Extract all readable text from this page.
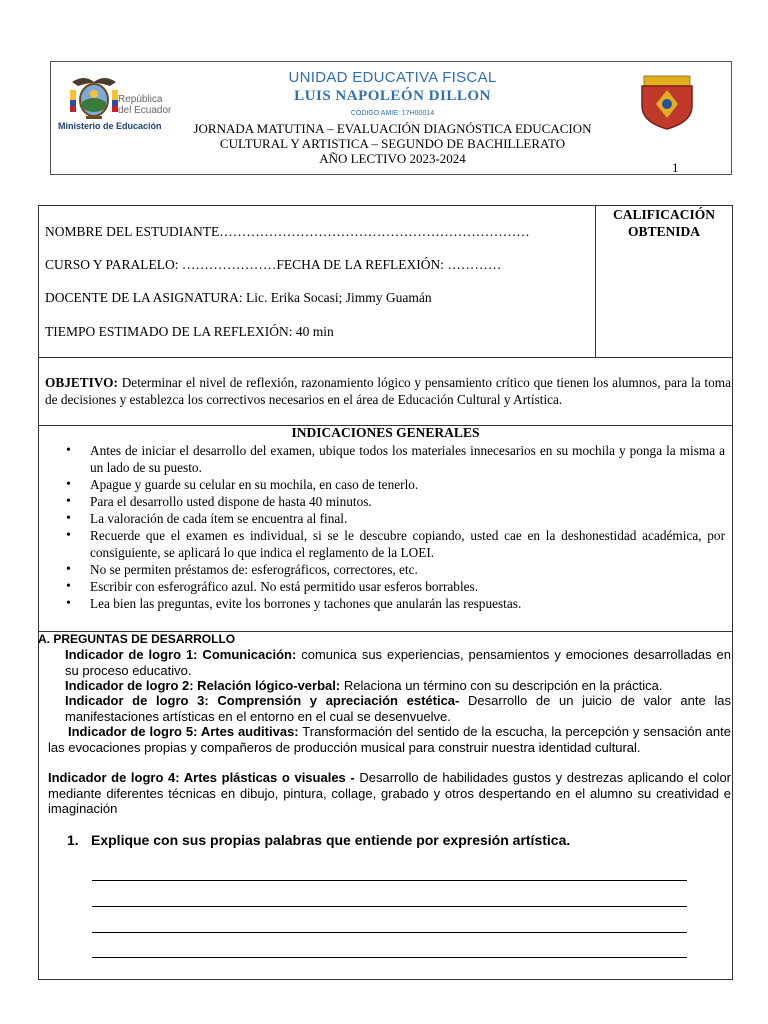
República del Ecuador
Ministerio de Educación
UNIDAD EDUCATIVA FISCAL
LUIS NAPOLEÓN DILLON
CÓDIGO AMIE: 17H00014
JORNADA MATUTINA – EVALUACIÓN DIAGNÓSTICA EDUCACION
CULTURAL Y ARTISTICA – SEGUNDO DE BACHILLERATO
AÑO LECTIVO 2023-2024
1
NOMBRE DEL ESTUDIANTE……………………………………………………………
CURSO Y PARALELO: …………………FECHA DE LA REFLEXIÓN: …………
DOCENTE DE LA ASIGNATURA: Lic. Erika Socasi; Jimmy Guamán
TIEMPO ESTIMADO DE LA REFLEXIÓN: 40 min
CALIFICACIÓN
OBTENIDA
OBJETIVO: Determinar el nivel de reflexión, razonamiento lógico y pensamiento crítico que tienen los alumnos, para la toma de decisiones y establezca los correctivos necesarios en el área de Educación Cultural y Artística.
INDICACIONES GENERALES
• Antes de iniciar el desarrollo del examen, ubique todos los materiales innecesarios en su mochila y ponga la misma a un lado de su puesto.
• Apague y guarde su celular en su mochila, en caso de tenerlo.
• Para el desarrollo usted dispone de hasta 40 minutos.
• La valoración de cada ítem se encuentra al final.
• Recuerde que el examen es individual, si se le descubre copiando, usted cae en la deshonestidad académica, por consiguiente, se aplicará lo que indica el reglamento de la LOEI.
• No se permiten préstamos de: esferográficos, correctores, etc.
• Escribir con esferográfico azul. No está permitido usar esferos borrables.
• Lea bien las preguntas, evite los borrones y tachones que anularán las respuestas.
A. PREGUNTAS DE DESARROLLO
Indicador de logro 1: Comunicación: comunica sus experiencias, pensamientos y emociones desarrolladas en su proceso educativo.
Indicador de logro 2: Relación lógico-verbal: Relaciona un término con su descripción en la práctica.
Indicador de logro 3: Comprensión y apreciación estética- Desarrollo de un juicio de valor ante las manifestaciones artísticas en el entorno en el cual se desenvuelve.
Indicador de logro 5: Artes auditivas: Transformación del sentido de la escucha, la percepción y sensación ante las evocaciones propias y compañeros de producción musical para construir nuestra identidad cultural.
Indicador de logro 4: Artes plásticas o visuales - Desarrollo de habilidades gustos y destrezas aplicando el color mediante diferentes técnicas en dibujo, pintura, collage, grabado y otros despertando en el alumno su creatividad e imaginación
1. Explique con sus propias palabras que entiende por expresión artística.
